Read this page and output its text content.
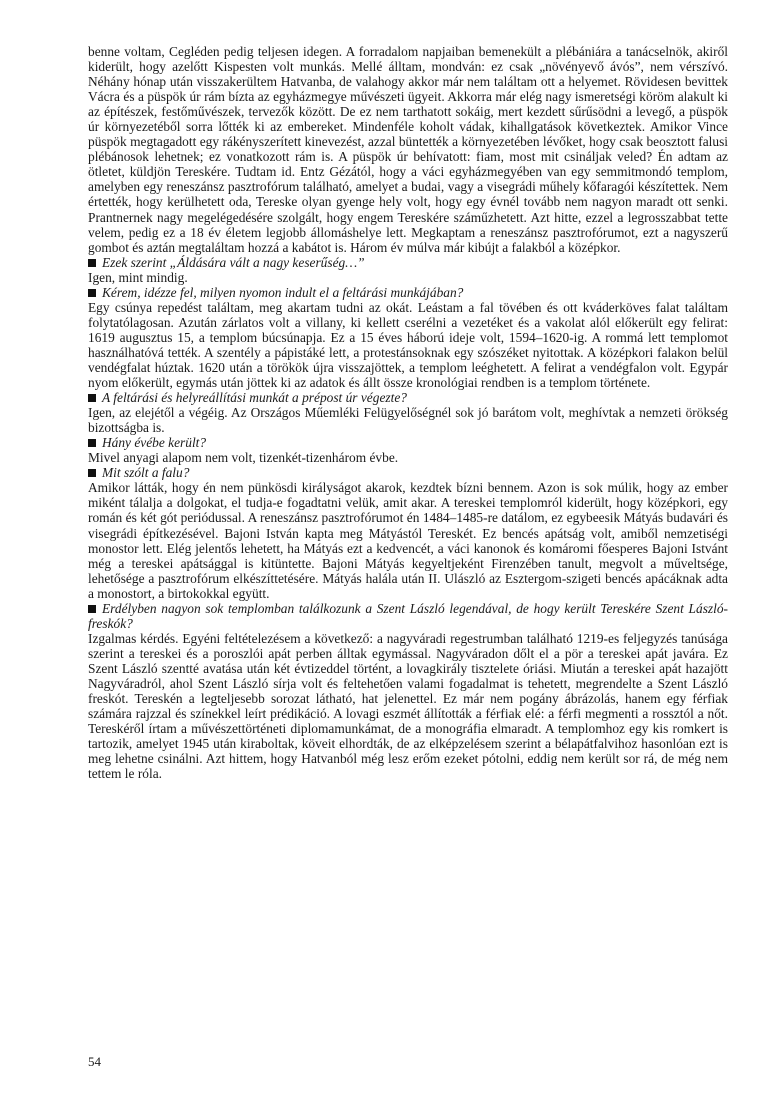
benne voltam, Cegléden pedig teljesen idegen. A forradalom napjaiban bemenekült a plébániára a tanácselnök, akiről kiderült, hogy azelőtt Kispesten volt munkás. Mellé álltam, mondván: ez csak „növényevő ávós”, nem vérszívó. Néhány hónap után visszakerültem Hatvanba, de valahogy akkor már nem találtam ott a helyemet. Rövidesen bevittek Vácra és a püspök úr rám bízta az egyházmegye művészeti ügyeit. Akkorra már elég nagy ismeretségi köröm alakult ki az építészek, festőművészek, tervezők között. De ez nem tarthatott sokáig, mert kezdett sűrűsödni a levegő, a püspök úr környezetéből sorra lőtték ki az embereket. Mindenféle koholt vádak, kihallgatások következtek. Amikor Vince püspök megtagadott egy rákényszerített kinevezést, azzal büntették a környezetében lévőket, hogy csak beosztott falusi plébánosok lehetnek; ez vonatkozott rám is. A püspök úr behívatott: fiam, most mit csináljak veled? Én adtam az ötletet, küldjön Tereskére. Tudtam id. Entz Gézától, hogy a váci egyházmegyében van egy semmitmondó templom, amelyben egy reneszánsz pasztrofórum található, amelyet a budai, vagy a visegrádi műhely kőfaragói készítettek. Nem értették, hogy kerülhetett oda, Tereske olyan gyenge hely volt, hogy egy évnél tovább nem nagyon maradt ott senki. Prantnernek nagy megelégedésére szolgált, hogy engem Tereskére száműzhetett. Azt hitte, ezzel a legrosszabbat tette velem, pedig ez a 18 év életem legjobb állomáshelye lett. Megkaptam a reneszánsz pasztrofórumot, ezt a nagyszerű gombot és aztán megtaláltam hozzá a kabátot is. Három év múlva már kibújt a falakból a középkor.

Ezek szerint „Áldására vált a nagy keserűség…”

Igen, mint mindig.

Kérem, idézze fel, milyen nyomon indult el a feltárási munkájában?

Egy csúnya repedést találtam, meg akartam tudni az okát. Leástam a fal tövében és ott kváderköves falat találtam folytatólagosan. Azután zárlatos volt a villany, ki kellett cserélni a vezetéket és a vakolat alól előkerült egy felirat: 1619 augusztus 15, a templom búcsúnapja. Ez a 15 éves háború ideje volt, 1594–1620-ig. A rommá lett templomot használhatóvá tették. A szentély a pápistáké lett, a protestánsoknak egy szószéket nyitottak. A középkori falakon belül vendégfalat húztak. 1620 után a törökök újra visszajöttek, a templom leéghetett. A felirat a vendégfalon volt. Egypár nyom előkerült, egymás után jöttek ki az adatok és állt össze kronológiai rendben is a templom története.

A feltárási és helyreállítási munkát a prépost úr végezte?

Igen, az elejétől a végéig. Az Országos Műemléki Felügyelőségnél sok jó barátom volt, meghívtak a nemzeti örökség bizottságba is.

Hány évébe került?

Mivel anyagi alapom nem volt, tizenkét-tizenhárom évbe.

Mit szólt a falu?

Amikor látták, hogy én nem pünkösdi királyságot akarok, kezdtek bízni bennem. Azon is sok múlik, hogy az ember miként tálalja a dolgokat, el tudja-e fogadtatni velük, amit akar. A tereskei templomról kiderült, hogy középkori, egy román és két gót periódussal. A reneszánsz pasztrofórumot én 1484–1485-re datálom, ez egybeesik Mátyás budavári és visegrádi építkezésével. Bajoni István kapta meg Mátyástól Tereskét. Ez bencés apátság volt, amiből nemzetiségi monostor lett. Elég jelentős lehetett, ha Mátyás ezt a kedvencét, a váci kanonok és komáromi főesperes Bajoni Istvánt még a tereskei apátsággal is kitüntette. Bajoni Mátyás kegyeltjeként Firenzében tanult, megvolt a műveltsége, lehetősége a pasztrofórum elkészíttetésére. Mátyás halála után II. Ulászló az Esztergom-szigeti bencés apácáknak adta a monostort, a birtokokkal együtt.

Erdélyben nagyon sok templomban találkozunk a Szent László legendával, de hogy került Tereskére Szent László-freskók?

Izgalmas kérdés. Egyéni feltételezésem a következő: a nagyváradi regestrumban található 1219-es feljegyzés tanúsága szerint a tereskei és a poroszlói apát perben álltak egymással. Nagyváradon dőlt el a pör a tereskei apát javára. Ez Szent László szentté avatása után két évtizeddel történt, a lovagkirály tisztelete óriási. Miután a tereskei apát hazajött Nagyváradról, ahol Szent László sírja volt és feltehetően valami fogadalmat is tehetett, megrendelte a Szent László freskót. Tereskén a legteljesebb sorozat látható, hat jelenettel. Ez már nem pogány ábrázolás, hanem egy férfiak számára rajzzal és színekkel leírt prédikáció. A lovagi eszmét állították a férfiak elé: a férfi megmenti a rossztól a nőt. Tereskéről írtam a művészettörténeti diplomamunkámat, de a monográfia elmaradt. A templomhoz egy kis romkert is tartozik, amelyet 1945 után kiraboltak, köveit elhordták, de az elképzelésem szerint a bélapátfalvihoz hasonlóan ezt is meg lehetne csinálni. Azt hittem, hogy Hatvanból még lesz erőm ezeket pótolni, eddig nem került sor rá, de még nem tettem le róla.

54
